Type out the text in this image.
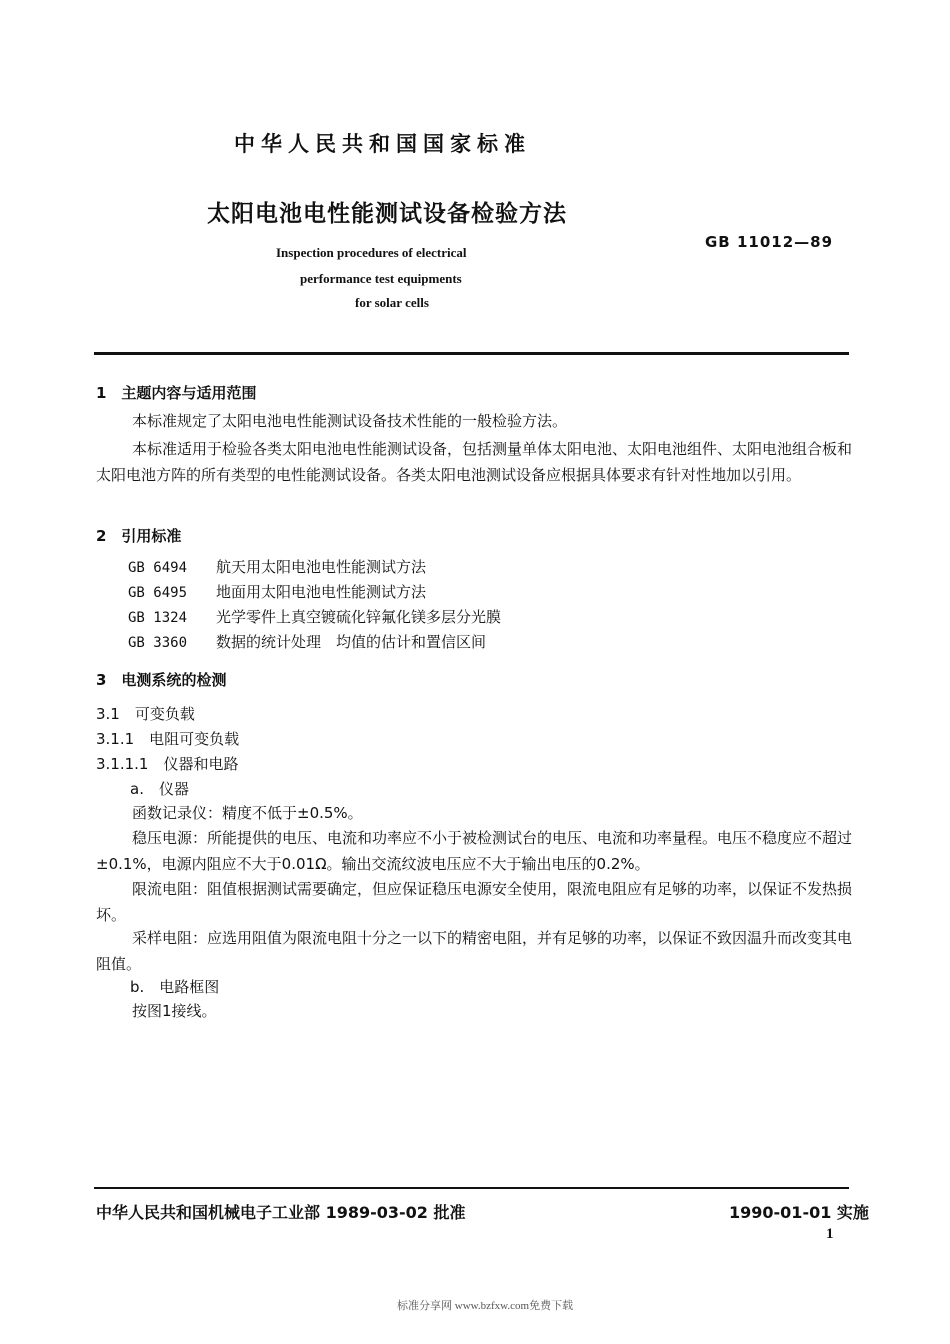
中华人民共和国国家标准
太阳电池电性能测试设备检验方法
GB 11012—89
Inspection procedures of electrical
performance test equipments
for solar cells
1　主题内容与适用范围
本标准规定了太阳电池电性能测试设备技术性能的一般检验方法。
本标准适用于检验各类太阳电池电性能测试设备，包括测量单体太阳电池、太阳电池组件、太阳电池组合板和太阳电池方阵的所有类型的电性能测试设备。各类太阳电池测试设备应根据具体要求有针对性地加以引用。
2　引用标准
GB 6494 航天用太阳电池电性能测试方法
GB 6495 地面用太阳电池电性能测试方法
GB 1324 光学零件上真空镀硫化锌氟化镁多层分光膜
GB 3360 数据的统计处理　均值的估计和置信区间
3　电测系统的检测
3.1　可变负载
3.1.1　电阻可变负载
3.1.1.1　仪器和电路
a.　仪器
函数记录仪：精度不低于±0.5%。
稳压电源：所能提供的电压、电流和功率应不小于被检测试台的电压、电流和功率量程。电压不稳度应不超过±0.1%，电源内阻应不大于0.01Ω。输出交流纹波电压应不大于输出电压的0.2%。
限流电阻：阻值根据测试需要确定，但应保证稳压电源安全使用，限流电阻应有足够的功率，以保证不发热损坏。
采样电阻：应选用阻值为限流电阻十分之一以下的精密电阻，并有足够的功率，以保证不致因温升而改变其电阻值。
b.　电路框图
按图1接线。
中华人民共和国机械电子工业部 1989-03-02 批准	1990-01-01 实施
1
标准分享网 www.bzfxw.com免费下载
